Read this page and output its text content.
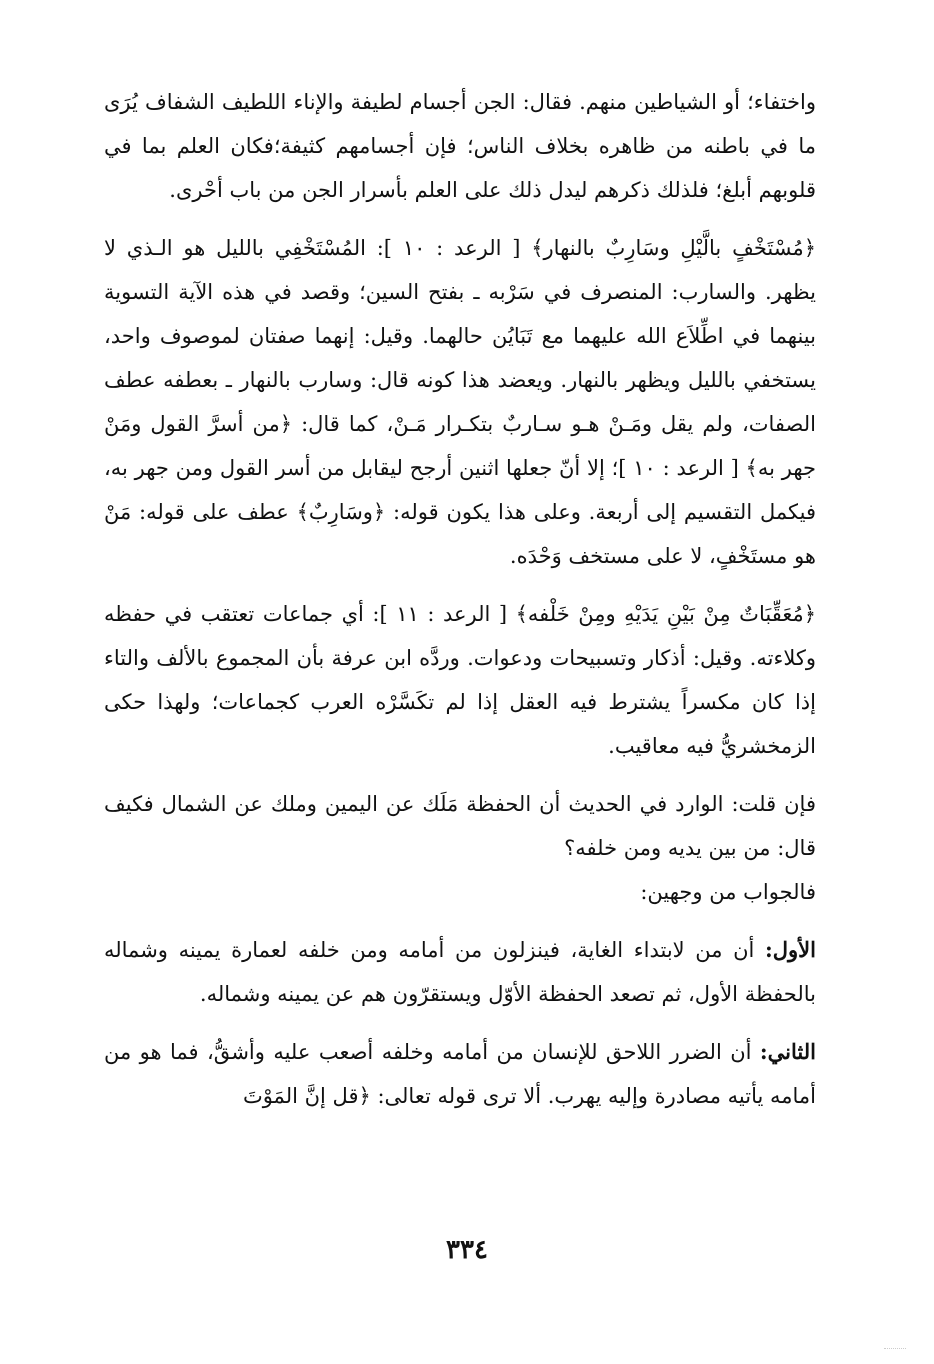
واختفاء؛ أو الشياطين منهم. فقال: الجن أجسام لطيفة والإناء اللطيف الشفاف يُرَى ما في باطنه من ظاهره بخلاف الناس؛ فإن أجسامهم كثيفة؛فكان العلم بما في قلوبهم أبلغ؛ فلذلك ذكرهم ليدل ذلك على العلم بأسرار الجن من باب أحْرى.

﴿مُسْتَخْفٍ بالَّيْلِ وسَارِبٌ بالنهار﴾ [ الرعد : ١٠ ]: المُسْتَخْفِي بالليل هو الـذي لا يظهر. والسارب: المنصرف في سَرْبه ـ بفتح السين؛ وقصد في هذه الآية التسوية بينهما في اطِّلاَع الله عليهما مع تَبَايُن حالهما. وقيل: إنهما صفتان لموصوف واحد، يستخفي بالليل ويظهر بالنهار. ويعضد هذا كونه قال: وسارب بالنهار ـ بعطفه عطف الصفات، ولم يقل ومَـنْ هـو سـاربٌ بتكـرار مَـنْ، كما قال: ﴿من أسرَّ القول ومَنْ جهر به﴾ [ الرعد : ١٠ ]؛ إلا أنّ جعلها اثنين أرجح ليقابل من أسر القول ومن جهر به، فيكمل التقسيم إلى أربعة. وعلى هذا يكون قوله: ﴿وسَارِبٌ﴾ عطف على قوله: مَنْ هو مستَخْفٍ، لا على مستخف وَحْدَه.

﴿مُعَقِّبَاتٌ مِنْ بَيْنِ يَدَيْهِ ومِنْ خَلْفه﴾ [ الرعد : ١١ ]: أي جماعات تعتقب في حفظه وكلاءته. وقيل: أذكار وتسبيحات ودعوات. وردَّه ابن عرفة بأن المجموع بالألف والتاء إذا كان مكسراً يشترط فيه العقل إذا لم تكَسَّرْه العرب كجماعات؛ ولهذا حكى الزمخشريُّ فيه معاقيب.

فإن قلت: الوارد في الحديث أن الحفظة مَلَك عن اليمين وملك عن الشمال فكيف قال: من بين يديه ومن خلفه؟

فالجواب من وجهين:

الأول: أن من لابتداء الغاية، فينزلون من أمامه ومن خلفه لعمارة يمينه وشماله بالحفظة الأول، ثم تصعد الحفظة الأوّل ويستقرّون هم عن يمينه وشماله.

الثاني: أن الضرر اللاحق للإنسان من أمامه وخلفه أصعب عليه وأشقُّ، فما هو من أمامه يأتيه مصادرة وإليه يهرب. ألا ترى قوله تعالى: ﴿قل إنَّ المَوْتَ

٣٣٤
